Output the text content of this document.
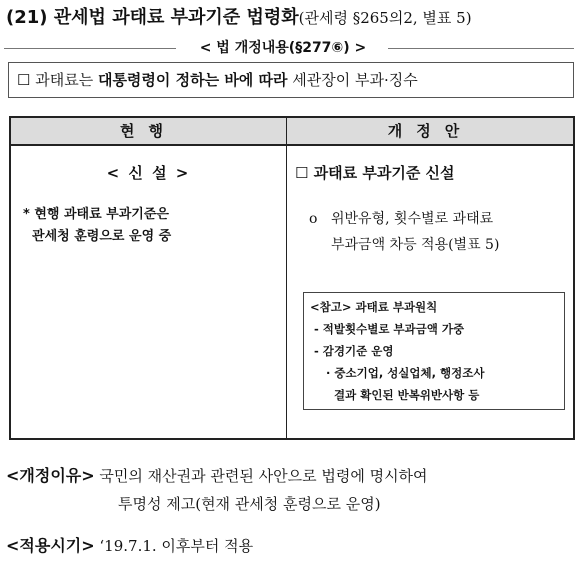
(21) 관세법 과태료 부과기준 법령화(관세령 §265의2, 별표 5)
< 법 개정내용(§277⑥) >
☐ 과태료는 대통령령이 정하는 바에 따라 세관장이 부과·징수
현행	개정안
< 신 설 >
* 현행 과태료 부과기준은
관세청 훈령으로 운영 중
☐ 과태료 부과기준 신설
o 위반유형, 횟수별로 과태료
부과금액 차등 적용(별표 5)
<참고> 과태료 부과원칙
- 적발횟수별로 부과금액 가중
- 감경기준 운영
· 중소기업, 성실업체, 행정조사
결과 확인된 반복위반사항 등
<개정이유> 국민의 재산권과 관련된 사안으로 법령에 명시하여
투명성 제고(현재 관세청 훈령으로 운영)
<적용시기> ‘19.7.1. 이후부터 적용
